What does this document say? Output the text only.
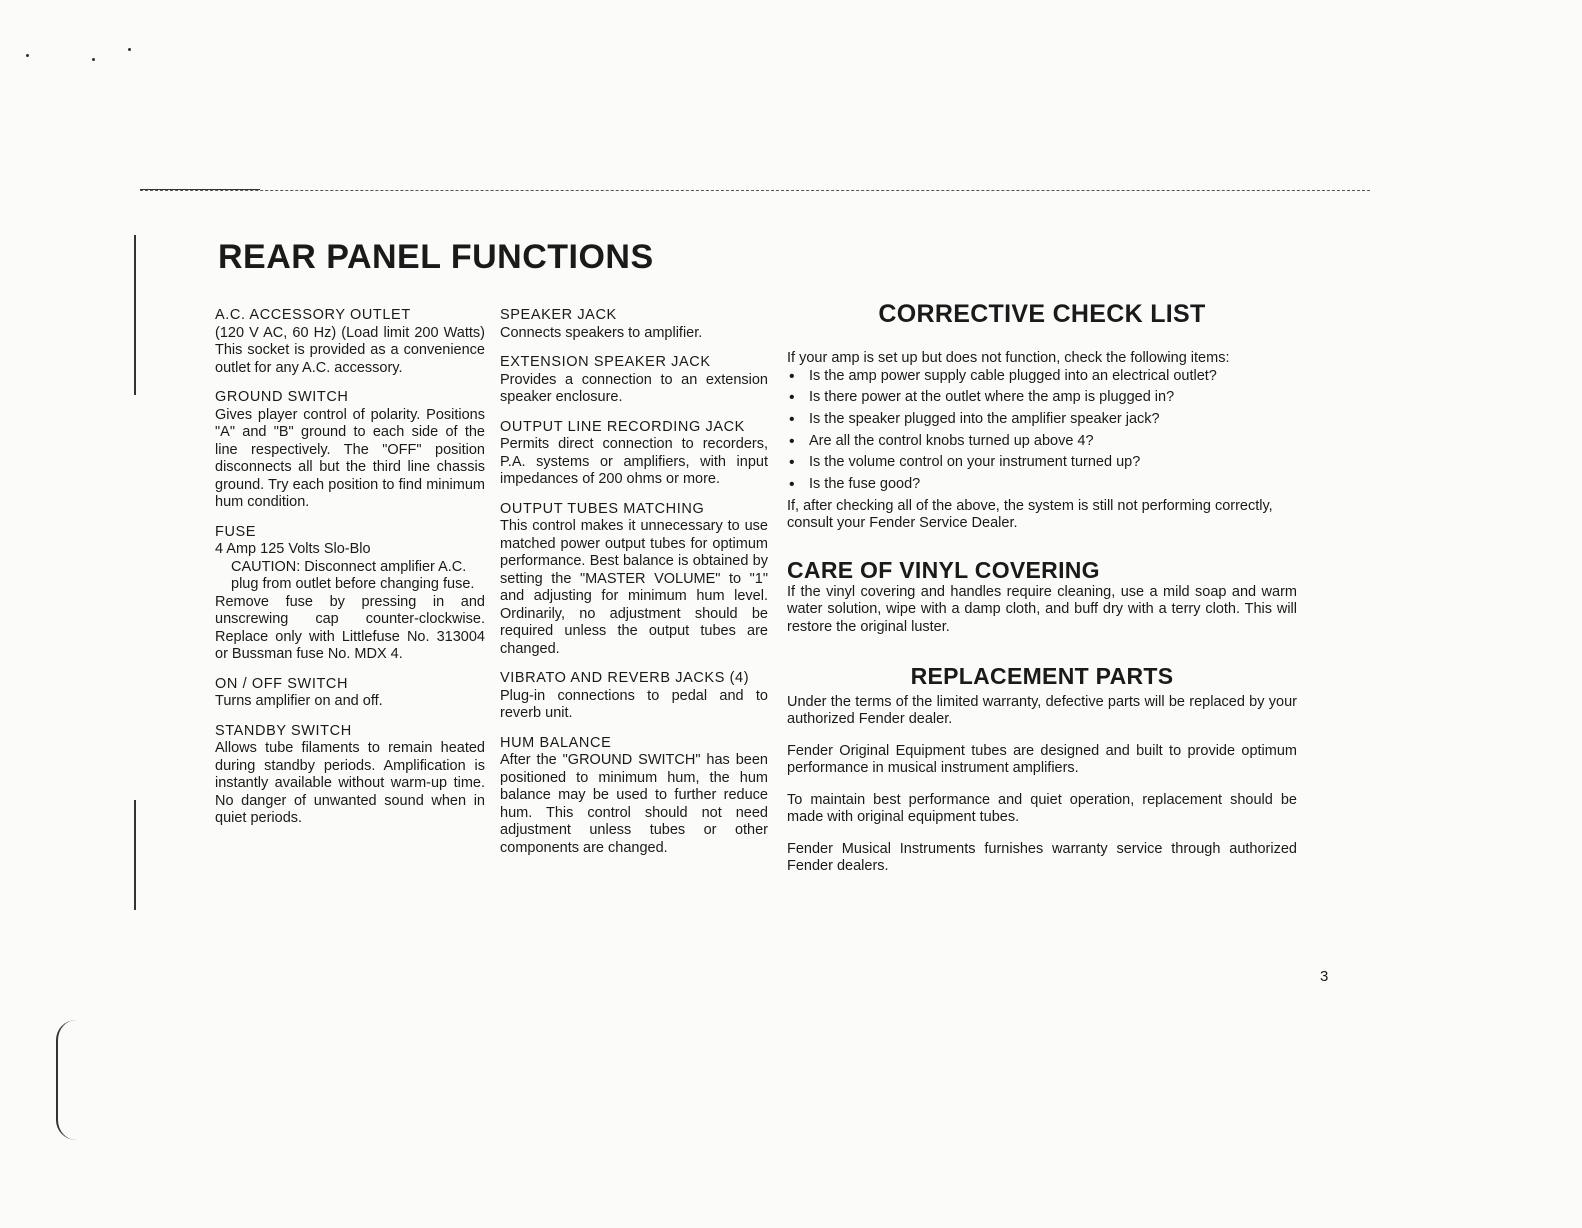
REAR PANEL FUNCTIONS
A.C. ACCESSORY OUTLET
(120 V AC, 60 Hz) (Load limit 200 Watts) This socket is provided as a convenience outlet for any A.C. accessory.
GROUND SWITCH
Gives player control of polarity. Positions "A" and "B" ground to each side of the line respectively. The "OFF" position disconnects all but the third line chassis ground. Try each position to find minimum hum condition.
FUSE
4 Amp 125 Volts Slo-Blo
CAUTION: Disconnect amplifier A.C. plug from outlet before changing fuse.
Remove fuse by pressing in and unscrewing cap counter-clockwise. Replace only with Littlefuse No. 313004 or Bussman fuse No. MDX 4.
ON / OFF SWITCH
Turns amplifier on and off.
STANDBY SWITCH
Allows tube filaments to remain heated during standby periods. Amplification is instantly available without warm-up time. No danger of unwanted sound when in quiet periods.
SPEAKER JACK
Connects speakers to amplifier.
EXTENSION SPEAKER JACK
Provides a connection to an extension speaker enclosure.
OUTPUT LINE RECORDING JACK
Permits direct connection to recorders, P.A. systems or amplifiers, with input impedances of 200 ohms or more.
OUTPUT TUBES MATCHING
This control makes it unnecessary to use matched power output tubes for optimum performance. Best balance is obtained by setting the "MASTER VOLUME" to "1" and adjusting for minimum hum level. Ordinarily, no adjustment should be required unless the output tubes are changed.
VIBRATO AND REVERB JACKS (4)
Plug-in connections to pedal and to reverb unit.
HUM BALANCE
After the "GROUND SWITCH" has been positioned to minimum hum, the hum balance may be used to further reduce hum. This control should not need adjustment unless tubes or other components are changed.
CORRECTIVE CHECK LIST
If your amp is set up but does not function, check the following items:
• Is the amp power supply cable plugged into an electrical outlet?
• Is there power at the outlet where the amp is plugged in?
• Is the speaker plugged into the amplifier speaker jack?
• Are all the control knobs turned up above 4?
• Is the volume control on your instrument turned up?
• Is the fuse good?
If, after checking all of the above, the system is still not performing correctly, consult your Fender Service Dealer.
CARE OF VINYL COVERING
If the vinyl covering and handles require cleaning, use a mild soap and warm water solution, wipe with a damp cloth, and buff dry with a terry cloth. This will restore the original luster.
REPLACEMENT PARTS
Under the terms of the limited warranty, defective parts will be replaced by your authorized Fender dealer.
Fender Original Equipment tubes are designed and built to provide optimum performance in musical instrument amplifiers.
To maintain best performance and quiet operation, replacement should be made with original equipment tubes.
Fender Musical Instruments furnishes warranty service through authorized Fender dealers.
3
